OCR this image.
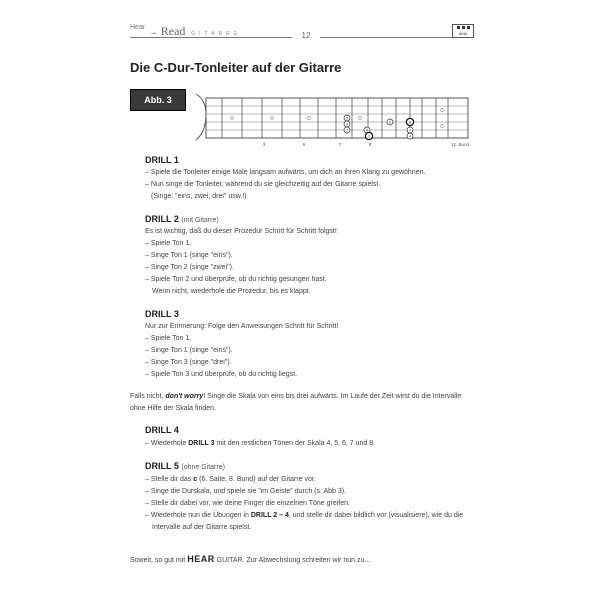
$^{Hear}$ → Read GITARRE	12	AMA
Die C-Dur-Tonleiter auf der Gitarre
Abb. 3
5
3
2	4
1
6	8
7
4
3	5	7	9	12. Bund
DRILL 1
– Spiele die Tonleiter einige Male langsam aufwärts, um dich an ihren Klang zu gewöhnen.
– Nun singe die Tonleiter, während du sie gleichzeitig auf der Gitarre spielst.
(Singe: "eins, zwei, drei" usw.!)
DRILL 2 (mit Gitarre)
Es ist wichtig, daß du dieser Prozedur Schritt für Schritt folgst!
– Spiele Ton 1.
– Singe Ton 1 (singe "eins").
– Singe Ton 2 (singe "zwei").
– Spiele Ton 2 und überprüfe, ob du richtig gesungen hast.
Wenn nicht, wiederhole die Prozedur, bis es klappt.
DRILL 3
Nur zur Erinnerung: Folge den Anweisungen Schritt für Schritt!
– Spiele Ton 1.
– Singe Ton 1 (singe "eins").
– Singe Ton 3 (singe "drei").
– Spiele Ton 3 und überprüfe, ob du richtig liegst.
Falls nicht, don't worry! Singe die Skala von eins bis drei aufwärts. Im Laufe der Zeit wirst du die Intervalle
ohne Hilfe der Skala finden.
DRILL 4
– Wiederhole DRILL 3 mit den restlichen Tönen der Skala 4, 5, 6, 7 und 8.
DRILL 5 (ohne Gitarre)
– Stelle dir das c (6. Saite, 8. Bund) auf der Gitarre vor.
– Singe die Durskala, und spiele sie "im Geiste" durch (s. Abb 3).
– Stelle dir dabei vor, wie deine Finger die einzelnen Töne greifen.
– Wiederhole nun die Übungen in DRILL 2 – 4, und stelle dir dabei bildlich vor (visualisiere), wie du die
Intervalle auf der Gitarre spielst.
Soweit, so gut mit HEAR GUITAR. Zur Abwechslung schreiten wir nun zu...
